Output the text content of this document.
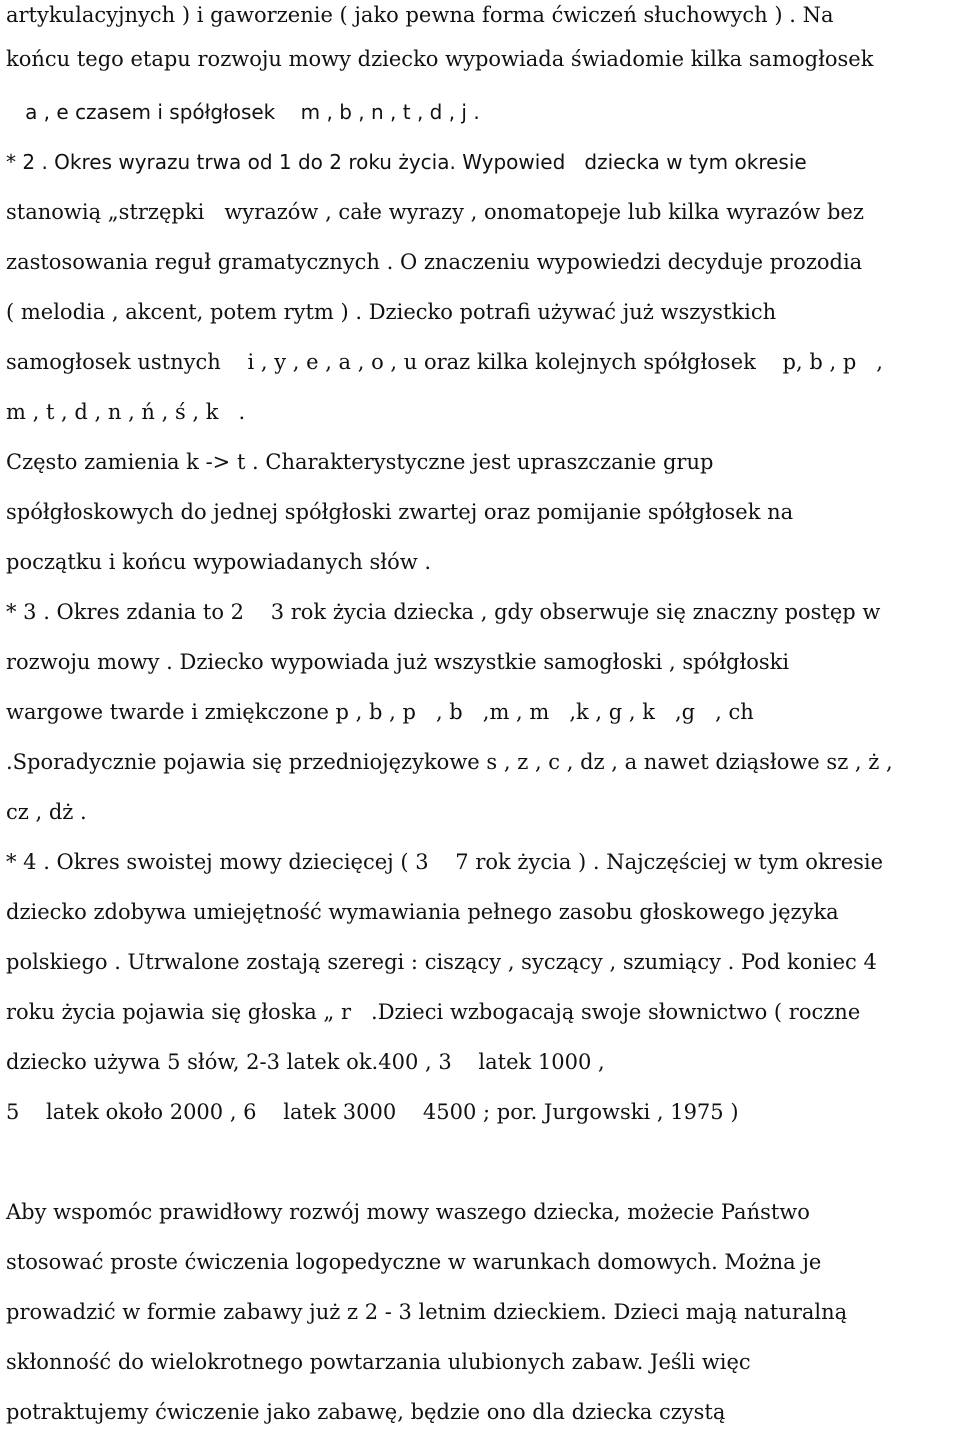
artykulacyjnych ) i gaworzenie ( jako pewna forma ćwiczeń słuchowych ) . Na
końcu tego etapu rozwoju mowy dziecko wypowiada świadomie kilka samogłosek
a , e czasem i spółgłosek    m , b , n , t , d , j .
* 2 . Okres wyrazu trwa od 1 do 2 roku życia. Wypowied   dziecka w tym okresie
stanowią „strzępki   wyrazów , całe wyrazy , onomatopeje lub kilka wyrazów bez
zastosowania reguł gramatycznych . O znaczeniu wypowiedzi decyduje prozodia
( melodia , akcent, potem rytm ) . Dziecko potrafi używać już wszystkich
samogłosek ustnych    i , y , e , a , o , u oraz kilka kolejnych spółgłosek    p, b , p   ,
m , t , d , n , ń , ś , k   .
Często zamienia k -> t . Charakterystyczne jest upraszczanie grup
spółgłoskowych do jednej spółgłoski zwartej oraz pomijanie spółgłosek na
początku i końcu wypowiadanych słów .
* 3 . Okres zdania to 2    3 rok życia dziecka , gdy obserwuje się znaczny postęp w
rozwoju mowy . Dziecko wypowiada już wszystkie samogłoski , spółgłoski
wargowe twarde i zmiękczone p , b , p   , b   ,m , m   ,k , g , k   ,g   , ch
.Sporadycznie pojawia się przedniojęzykowe s , z , c , dz , a nawet dziąsłowe sz , ż ,
cz , dż .
* 4 . Okres swoistej mowy dziecięcej ( 3    7 rok życia ) . Najczęściej w tym okresie
dziecko zdobywa umiejętność wymawiania pełnego zasobu głoskowego języka
polskiego . Utrwalone zostają szeregi : ciszący , syczący , szumiący . Pod koniec 4
roku życia pojawia się głoska „ r   .Dzieci wzbogacają swoje słownictwo ( roczne
dziecko używa 5 słów, 2-3 latek ok.400 , 3    latek 1000 ,
5    latek około 2000 , 6    latek 3000    4500 ; por. Jurgowski , 1975 )
Aby wspomóc prawidłowy rozwój mowy waszego dziecka, możecie Państwo
stosować proste ćwiczenia logopedyczne w warunkach domowych. Można je
prowadzić w formie zabawy już z 2 - 3 letnim dzieckiem. Dzieci mają naturalną
skłonność do wielokrotnego powtarzania ulubionych zabaw. Jeśli więc
potraktujemy ćwiczenie jako zabawę, będzie ono dla dziecka czystą
